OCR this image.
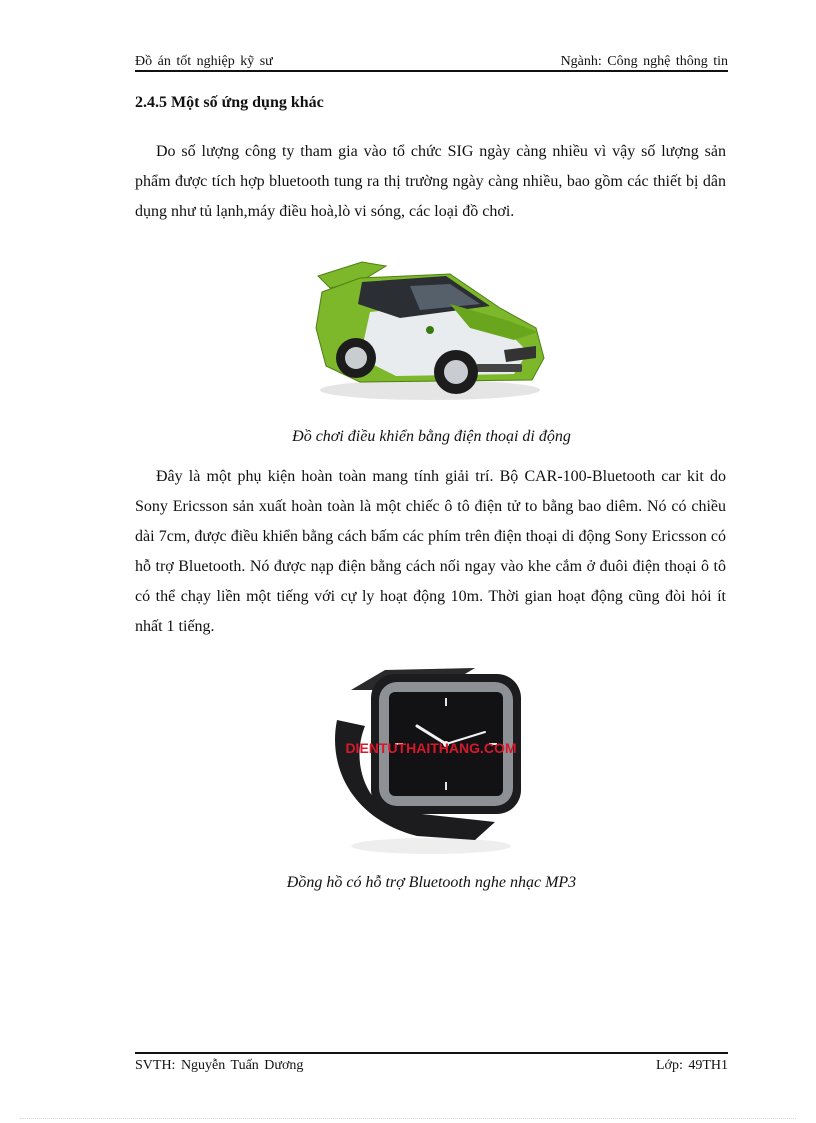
Đồ án tốt nghiệp kỹ sư	Ngành: Công nghệ thông tin
2.4.5 Một số ứng dụng khác

Do số lượng công ty tham gia vào tổ chức SIG ngày càng nhiều vì vậy số lượng sản phẩm được tích hợp bluetooth tung ra thị trường ngày càng nhiều, bao gồm các thiết bị dân dụng như tủ lạnh,máy điều hoà,lò vi sóng, các loại đồ chơi.

Đồ chơi điều khiển bằng điện thoại di động

Đây là một phụ kiện hoàn toàn mang tính giải trí. Bộ CAR-100-Bluetooth car kit do Sony Ericsson sản xuất hoàn toàn là một chiếc ô tô điện tử to bằng bao diêm. Nó có chiều dài 7cm, được điều khiển bằng cách bấm các phím trên điện thoại di động Sony Ericsson có hỗ trợ Bluetooth. Nó được nạp điện bằng cách nối ngay vào khe cắm ở đuôi điện thoại ô tô có thể chạy liền một tiếng với cự ly hoạt động 10m. Thời gian hoạt động cũng đòi hỏi ít nhất 1 tiếng.

DIENTUTHAITHANG.COM

Đồng hồ có hỗ trợ Bluetooth nghe nhạc MP3

SVTH: Nguyễn Tuấn Dương	Lớp: 49TH1
